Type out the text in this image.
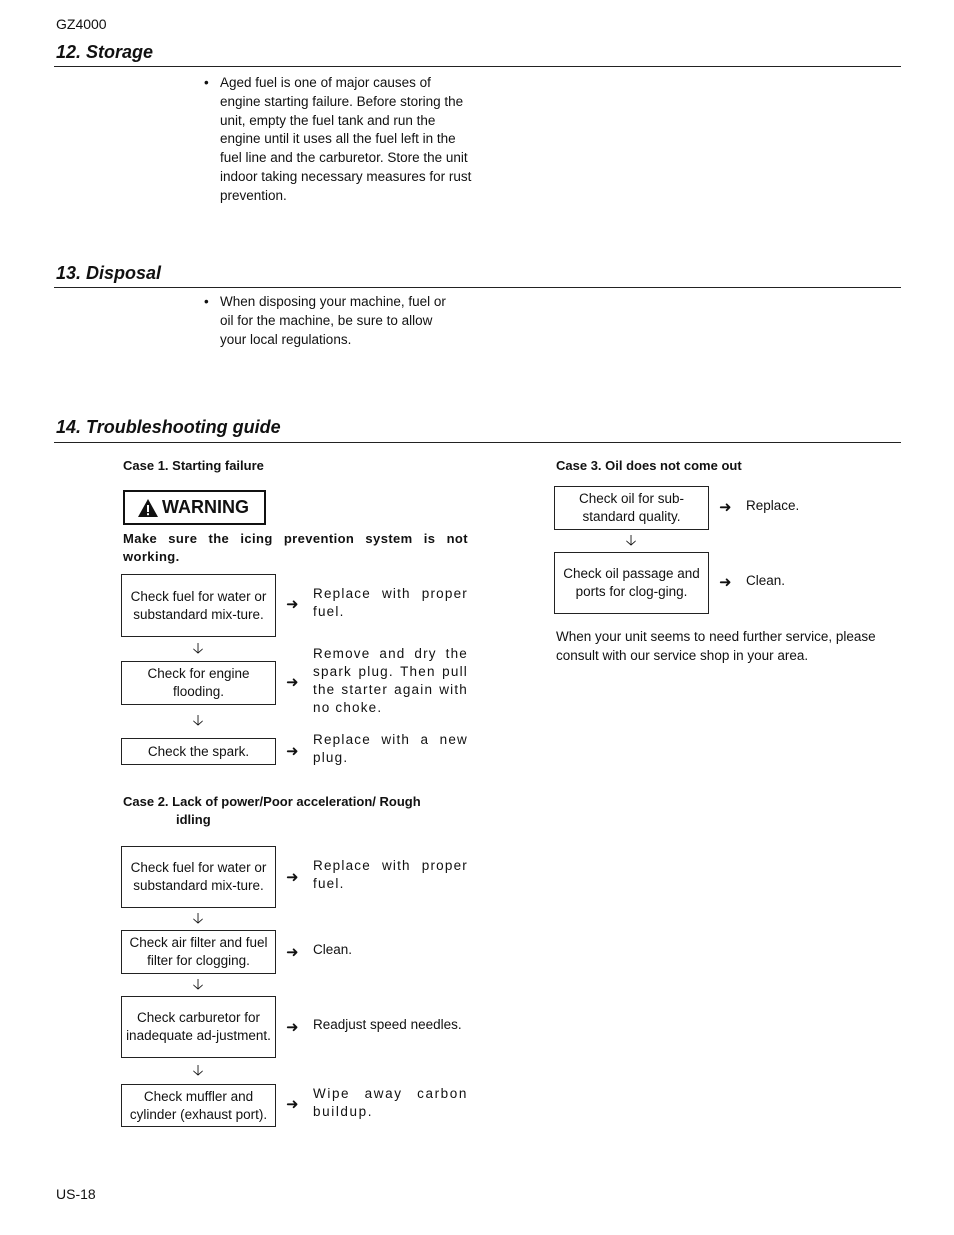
GZ4000
12. Storage
• Aged fuel is one of major causes of engine starting failure. Before storing the unit, empty the fuel tank and run the engine until it uses all the fuel left in the fuel line and the carburetor. Store the unit indoor taking necessary measures for rust prevention.
13. Disposal
• When disposing your machine, fuel or oil for the machine, be sure to allow your local regulations.
14. Troubleshooting guide
Case 1. Starting failure
WARNING
Make sure the icing prevention system is not working.
Check fuel for water or substandard mix-ture.
➜
Replace with proper fuel.
🡣
Check for engine flooding.
➜
Remove and dry the spark plug. Then pull the starter again with no choke.
🡣
Check the spark.	➜
Replace with a new plug.
Case 2. Lack of power/Poor acceleration/ Rough
idling
Check fuel for water or substandard mix-ture.	➜
Replace with proper fuel.
🡣
Check air filter and fuel filter for clogging.	➜ Clean.
🡣
Check carburetor for inadequate ad-justment.	➜ Readjust speed needles.
🡣
Check muffler and cylinder (exhaust port).
➜
Wipe away carbon buildup.
Case 3. Oil does not come out
Check oil for sub-standard quality.
➜ Replace.
🡣
Check oil passage and ports for clog-ging.
➜ Clean.
When your unit seems to need further service, please consult with our service shop in your area.
US-18
